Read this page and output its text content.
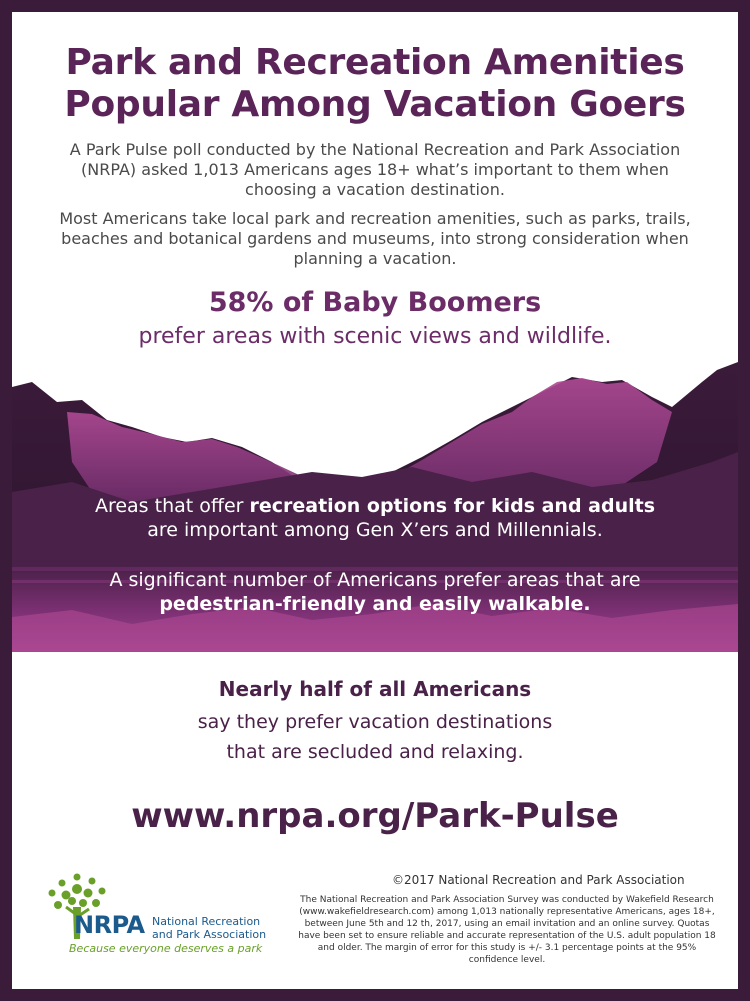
Park and Recreation Amenities
Popular Among Vacation Goers
A Park Pulse poll conducted by the National Recreation and Park Association (NRPA) asked 1,013 Americans ages 18+ what’s important to them when choosing a vacation destination.
Most Americans take local park and recreation amenities, such as parks, trails, beaches and botanical gardens and museums, into strong consideration when planning a vacation.
58% of Baby Boomers
prefer areas with scenic views and wildlife.
Areas that offer recreation options for kids and adults
are important among Gen X’ers and Millennials.
A significant number of Americans prefer areas that are
pedestrian-friendly and easily walkable.
Nearly half of all Americans
say they prefer vacation destinations
that are secluded and relaxing.
www.nrpa.org/Park-Pulse
©2017 National Recreation and Park Association
The National Recreation and Park Association Survey was conducted by Wakefield Research (www.wakefieldresearch.com) among 1,013 nationally representative Americans, ages 18+, between June 5th and 12 th, 2017, using an email invitation and an online survey. Quotas have been set to ensure reliable and accurate representation of the U.S. adult population 18 and older. The margin of error for this study is +/- 3.1 percentage points at the 95% confidence level.
NRPA National Recreation
and Park Association
Because everyone deserves a park
